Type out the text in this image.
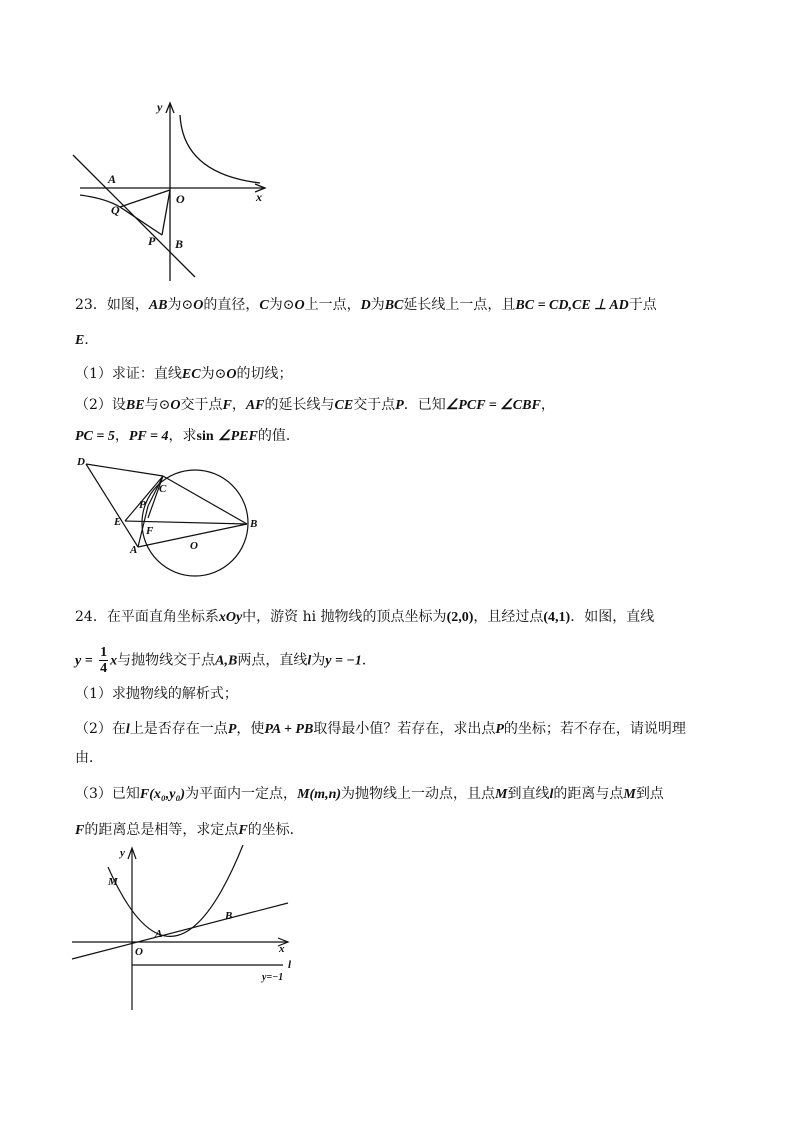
y
x
A
O
Q
P B
23．如图，AB为⊙O的直径，C为⊙O上一点，D为BC延长线上一点，且BC = CD,CE ⊥ AD于点
E．
（1）求证：直线EC为⊙O的切线；
（2）设BE与⊙O交于点F，AF的延长线与CE交于点P．已知∠PCF = ∠CBF，
PC = 5，PF = 4，求sin ∠PEF的值．
D
C
P
E
F
B
O
A
24．在平面直角坐标系xOy中，游资 hi 抛物线的顶点坐标为(2,0)，且经过点(4,1)．如图，直线
$y = \frac{1}{4}$ x与抛物线交于点A,B两点，直线l为y = −1．
（1）求抛物线的解析式；
（2）在l上是否存在一点P，使PA + PB取得最小值？若存在，求出点P的坐标；若不存在，请说明理
由．
（3）已知F(x₀,y₀)为平面内一定点，M(m,n)为抛物线上一动点，且点M到直线l的距离与点M到点
F的距离总是相等，求定点F的坐标．
y
M
B
A
O	x
l
y=−1
